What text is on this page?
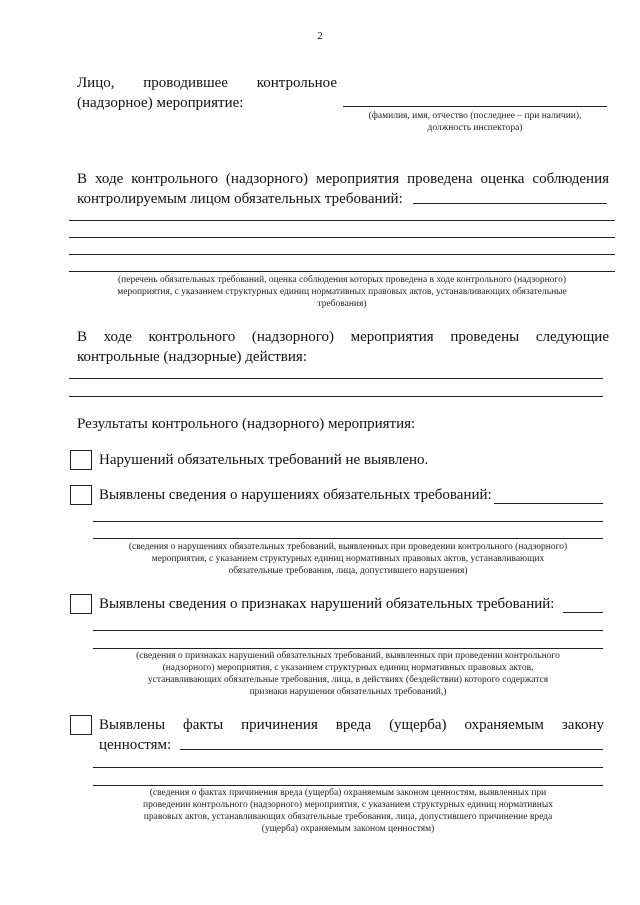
2
Лицо, проводившее контрольное
(надзорное) мероприятие:
(фамилия, имя, отчество (последнее – при наличии),
должность инспектора)
В ходе контрольного (надзорного) мероприятия проведена оценка соблюдения
контролируемым лицом обязательных требований:
(перечень обязательных требований, оценка соблюдения которых проведена в ходе контрольного (надзорного)
мероприятия, с указанием структурных единиц нормативных правовых актов, устанавливающих обязательные
требования)
В ходе контрольного (надзорного) мероприятия проведены следующие
контрольные (надзорные) действия:
Результаты контрольного (надзорного) мероприятия:
Нарушений обязательных требований не выявлено.
Выявлены сведения о нарушениях обязательных требований:
(сведения о нарушениях обязательных требований, выявленных при проведении контрольного (надзорного)
мероприятия, с указанием структурных единиц нормативных правовых актов, устанавливающих
обязательные требования, лица, допустившего нарушения)
Выявлены сведения о признаках нарушений обязательных требований:
(сведения о признаках нарушений обязательных требований, выявленных при проведении контрольного
(надзорного) мероприятия, с указанием структурных единиц нормативных правовых актов,
устанавливающих обязательные требования, лица, в действиях (бездействии) которого содержатся
признаки нарушения обязательных требований,)
Выявлены факты причинения вреда (ущерба) охраняемым закону
ценностям:
(сведения о фактах причинения вреда (ущерба) охраняемым законом ценностям, выявленных при
проведении контрольного (надзорного) мероприятия, с указанием структурных единиц нормативных
правовых актов, устанавливающих обязательные требования, лица, допустившего причинение вреда
(ущерба) охраняемым законом ценностям)
